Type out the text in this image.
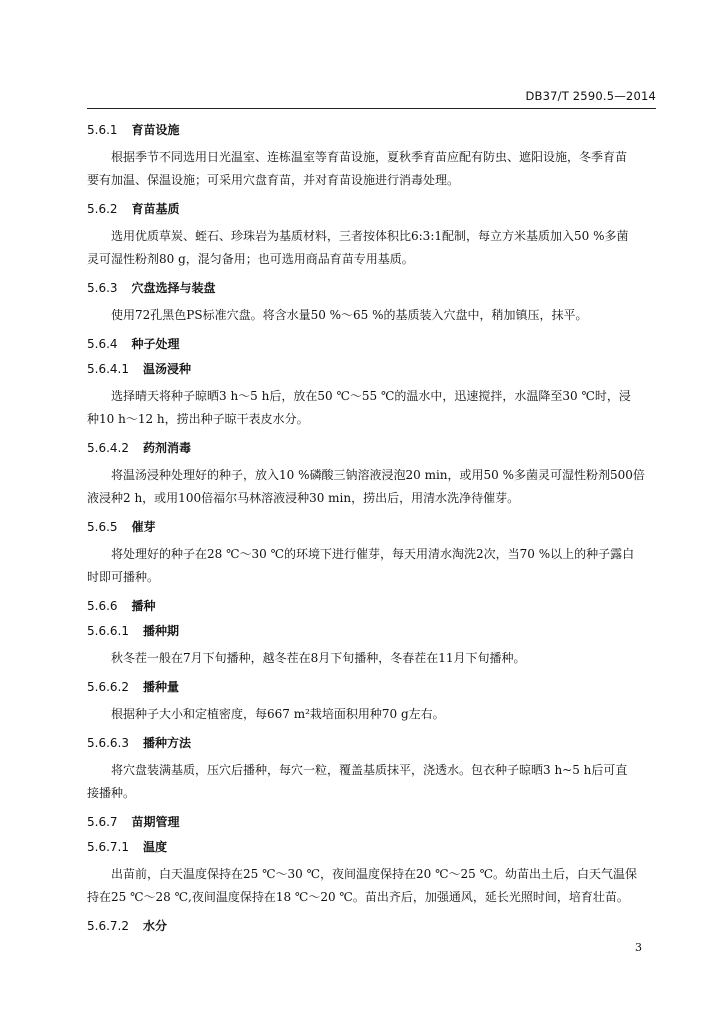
DB37/T 2590.5—2014
5.6.1 育苗设施
根据季节不同选用日光温室、连栋温室等育苗设施，夏秋季育苗应配有防虫、遮阳设施，冬季育苗
要有加温、保温设施；可采用穴盘育苗，并对育苗设施进行消毒处理。
5.6.2 育苗基质
选用优质草炭、蛭石、珍珠岩为基质材料，三者按体积比6:3:1配制，每立方米基质加入50 %多菌
灵可湿性粉剂80 g，混匀备用；也可选用商品育苗专用基质。
5.6.3 穴盘选择与装盘
使用72孔黑色PS标准穴盘。将含水量50 %～65 %的基质装入穴盘中，稍加镇压，抹平。
5.6.4 种子处理
5.6.4.1 温汤浸种
选择晴天将种子晾晒3 h～5 h后，放在50 ℃～55 ℃的温水中，迅速搅拌，水温降至30 ℃时，浸
种10 h～12 h，捞出种子晾干表皮水分。
5.6.4.2 药剂消毒
将温汤浸种处理好的种子，放入10 %磷酸三钠溶液浸泡20 min，或用50 %多菌灵可湿性粉剂500倍
液浸种2 h，或用100倍福尔马林溶液浸种30 min，捞出后，用清水洗净待催芽。
5.6.5 催芽
将处理好的种子在28 ℃～30 ℃的环境下进行催芽，每天用清水淘洗2次，当70 %以上的种子露白
时即可播种。
5.6.6 播种
5.6.6.1 播种期
秋冬茬一般在7月下旬播种，越冬茬在8月下旬播种，冬春茬在11月下旬播种。
5.6.6.2 播种量
根据种子大小和定植密度，每667 m²栽培面积用种70 g左右。
5.6.6.3 播种方法
将穴盘装满基质，压穴后播种，每穴一粒，覆盖基质抹平，浇透水。包衣种子晾晒3 h~5 h后可直
接播种。
5.6.7 苗期管理
5.6.7.1 温度
出苗前，白天温度保持在25 ℃～30 ℃，夜间温度保持在20 ℃～25 ℃。幼苗出土后，白天气温保
持在25 ℃～28 ℃,夜间温度保持在18 ℃～20 ℃。苗出齐后，加强通风，延长光照时间，培育壮苗。
5.6.7.2 水分
3
